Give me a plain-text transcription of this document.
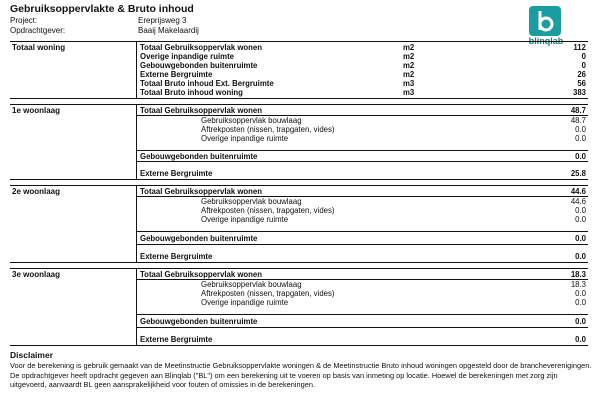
Gebruiksoppervlakte & Bruto inhoud
Project:	Ereprijsweg 3
Opdrachtgever:	Baaij Makelaardij
blinqlab
Totaal woning	Totaal Gebruiksoppervlak wonen	m2	112
Overige inpandige ruimte	m2	0
Gebouwgebonden buitenruimte	m2	0
Externe Bergruimte	m2	26
Totaal Bruto inhoud Ext. Bergruimte	m3	56
Totaal Bruto inhoud woning	m3	383
1e woonlaag	Totaal Gebruiksoppervlak wonen	48.7
Gebruiksoppervlak bouwlaag	48.7
Aftrekposten (nissen, trapgaten, vides)	0.0
Overige inpandige ruimte	0.0
Gebouwgebonden buitenruimte	0.0
Externe Bergruimte	25.8
2e woonlaag	Totaal Gebruiksoppervlak wonen	44.6
Gebruiksoppervlak bouwlaag	44.6
Aftrekposten (nissen, trapgaten, vides)	0.0
Overige inpandige ruimte	0.0
Gebouwgebonden buitenruimte	0.0
Externe Bergruimte	0.0
3e woonlaag	Totaal Gebruiksoppervlak wonen	18.3
Gebruiksoppervlak bouwlaag	18.3
Aftrekposten (nissen, trapgaten, vides)	0.0
Overige inpandige ruimte	0.0
Gebouwgebonden buitenruimte	0.0
Externe Bergruimte	0.0
Disclaimer
Voor de berekening is gebruik gemaakt van de Meetinstructie Gebruiksoppervlakte woningen & de Meetinstructie Bruto inhoud woningen opgesteld door de brancheverenigingen. De opdrachtgever heeft opdracht gegeven aan Blinqlab ("BL") om een berekening uit te voeren op basis van inmeting op locatie. Hoewel de berekeningen met zorg zijn uitgevoerd, aanvaardt BL geen aansprakelijkheid voor fouten of omissies in de berekeningen.
